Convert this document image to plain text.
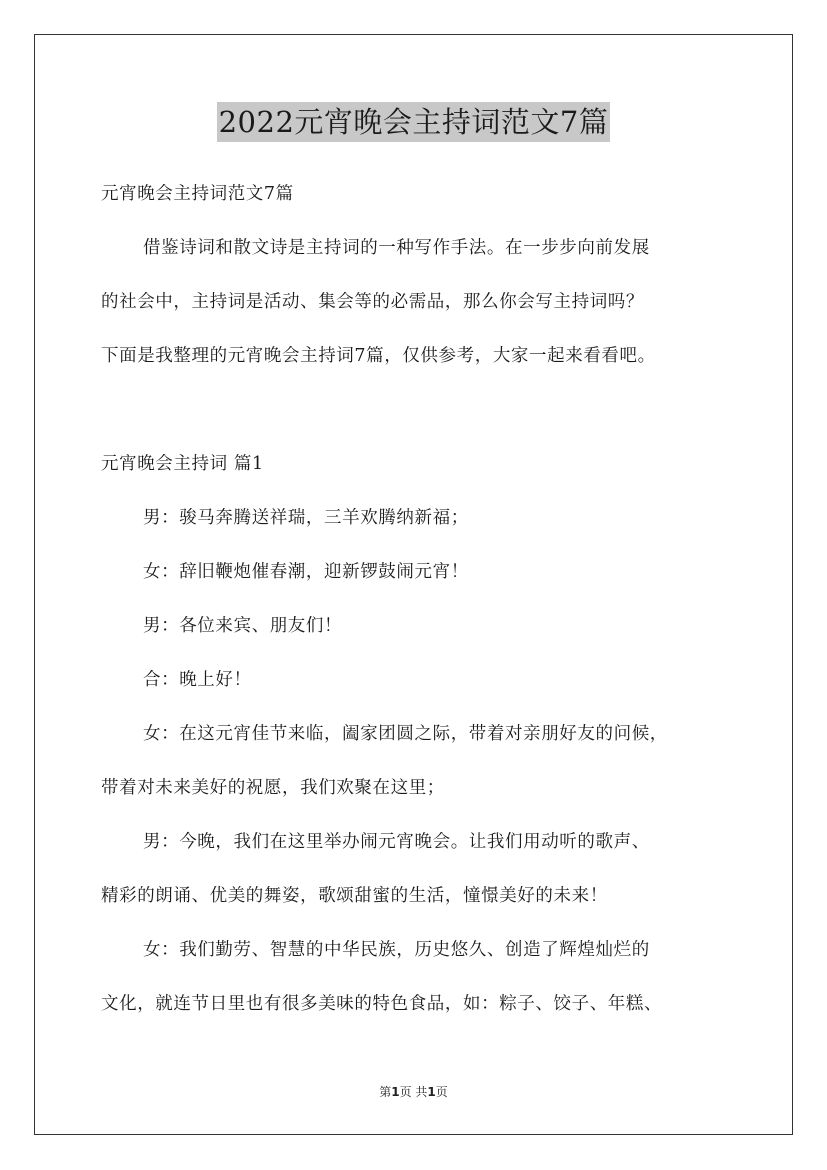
2022元宵晚会主持词范文7篇
元宵晚会主持词范文7篇
借鉴诗词和散文诗是主持词的一种写作手法。在一步步向前发展
的社会中，主持词是活动、集会等的必需品，那么你会写主持词吗？
下面是我整理的元宵晚会主持词7篇，仅供参考，大家一起来看看吧。
元宵晚会主持词 篇1
男：骏马奔腾送祥瑞，三羊欢腾纳新福；
女：辞旧鞭炮催春潮，迎新锣鼓闹元宵！
男：各位来宾、朋友们！
合：晚上好！
女：在这元宵佳节来临，阖家团圆之际，带着对亲朋好友的问候，
带着对未来美好的祝愿，我们欢聚在这里；
男：今晚，我们在这里举办闹元宵晚会。让我们用动听的歌声、
精彩的朗诵、优美的舞姿，歌颂甜蜜的生活，憧憬美好的未来！
女：我们勤劳、智慧的中华民族，历史悠久、创造了辉煌灿烂的
文化，就连节日里也有很多美味的特色食品，如：粽子、饺子、年糕、
第1页 共1页
